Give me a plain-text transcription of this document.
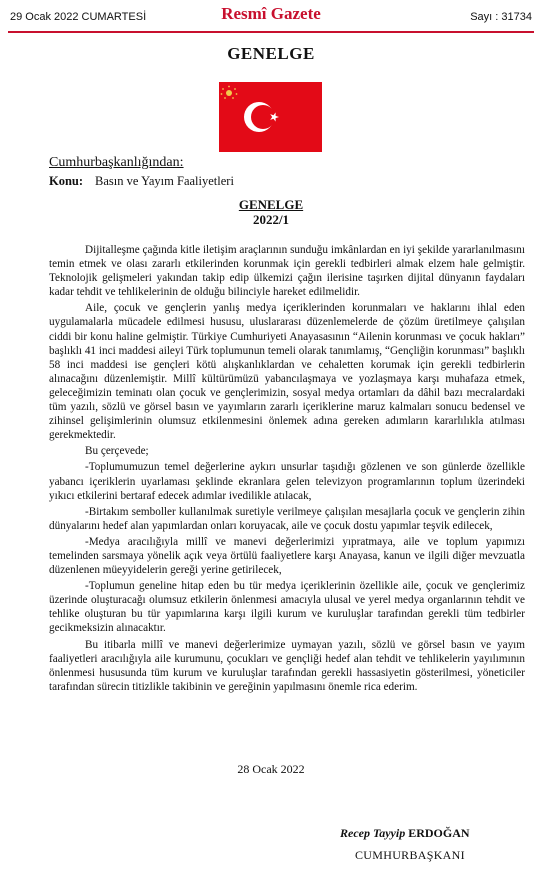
29 Ocak 2022 CUMARTESİ	Resmî Gazete	Sayı : 31734
GENELGE
Cumhurbaşkanlığından:
Konu: Basın ve Yayım Faaliyetleri
GENELGE
2022/1

Dijitalleşme çağında kitle iletişim araçlarının sunduğu imkânlardan en iyi şekilde yararlanılmasını temin etmek ve olası zararlı etkilerinden korunmak için gerekli tedbirleri almak elzem hale gelmiştir. Teknolojik gelişmeleri yakından takip edip ülkemizi çağın ilerisine taşırken dijital dünyanın faydaları kadar tehdit ve tehlikelerinin de olduğu bilinciyle hareket edilmelidir.

Aile, çocuk ve gençlerin yanlış medya içeriklerinden korunmaları ve haklarını ihlal eden uygulamalarla mücadele edilmesi hususu, uluslararası düzenlemelerde de çözüm üretilmeye çalışılan ciddi bir konu haline gelmiştir. Türkiye Cumhuriyeti Anayasasının “Ailenin korunması ve çocuk hakları” başlıklı 41 inci maddesi aileyi Türk toplumunun temeli olarak tanımlamış, “Gençliğin korunması” başlıklı 58 inci maddesi ise gençleri kötü alışkanlıklardan ve cehaletten korumak için gerekli tedbirlerin alınacağını düzenlemiştir. Millî kültürümüzü yabancılaşmaya ve yozlaşmaya karşı muhafaza etmek, geleceğimizin teminatı olan çocuk ve gençlerimizin, sosyal medya ortamları da dâhil bazı mecralardaki tüm yazılı, sözlü ve görsel basın ve yayımların zararlı içeriklerine maruz kalmaları sonucu bedensel ve zihinsel gelişimlerinin olumsuz etkilenmesini önlemek adına gereken adımların kararlılıkla atılması gerekmektedir.

Bu çerçevede;

-Toplumumuzun temel değerlerine aykırı unsurlar taşıdığı gözlenen ve son günlerde özellikle yabancı içeriklerin uyarlaması şeklinde ekranlara gelen televizyon programlarının toplum üzerindeki yıkıcı etkilerini bertaraf edecek adımlar ivedilikle atılacak,

-Birtakım semboller kullanılmak suretiyle verilmeye çalışılan mesajlarla çocuk ve gençlerin zihin dünyalarını hedef alan yapımlardan onları koruyacak, aile ve çocuk dostu yapımlar teşvik edilecek,

-Medya aracılığıyla millî ve manevi değerlerimizi yıpratmaya, aile ve toplum yapımızı temelinden sarsmaya yönelik açık veya örtülü faaliyetlere karşı Anayasa, kanun ve ilgili diğer mevzuatla düzenlenen müeyyidelerin gereği yerine getirilecek,

-Toplumun geneline hitap eden bu tür medya içeriklerinin özellikle aile, çocuk ve gençlerimiz üzerinde oluşturacağı olumsuz etkilerin önlenmesi amacıyla ulusal ve yerel medya organlarının tehdit ve tehlike oluşturan bu tür yapımlarına karşı ilgili kurum ve kuruluşlar tarafından gerekli tüm tedbirler gecikmeksizin alınacaktır.

Bu itibarla millî ve manevi değerlerimize uymayan yazılı, sözlü ve görsel basın ve yayım faaliyetleri aracılığıyla aile kurumunu, çocukları ve gençliği hedef alan tehdit ve tehlikelerin yayılımının önlenmesi hususunda tüm kurum ve kuruluşlar tarafından gerekli hassasiyetin gösterilmesi, yöneticiler tarafından sürecin titizlikle takibinin ve gereğinin yapılmasını önemle rica ederim.

28 Ocak 2022
Recep Tayyip ERDOĞAN
CUMHURBAŞKANI
